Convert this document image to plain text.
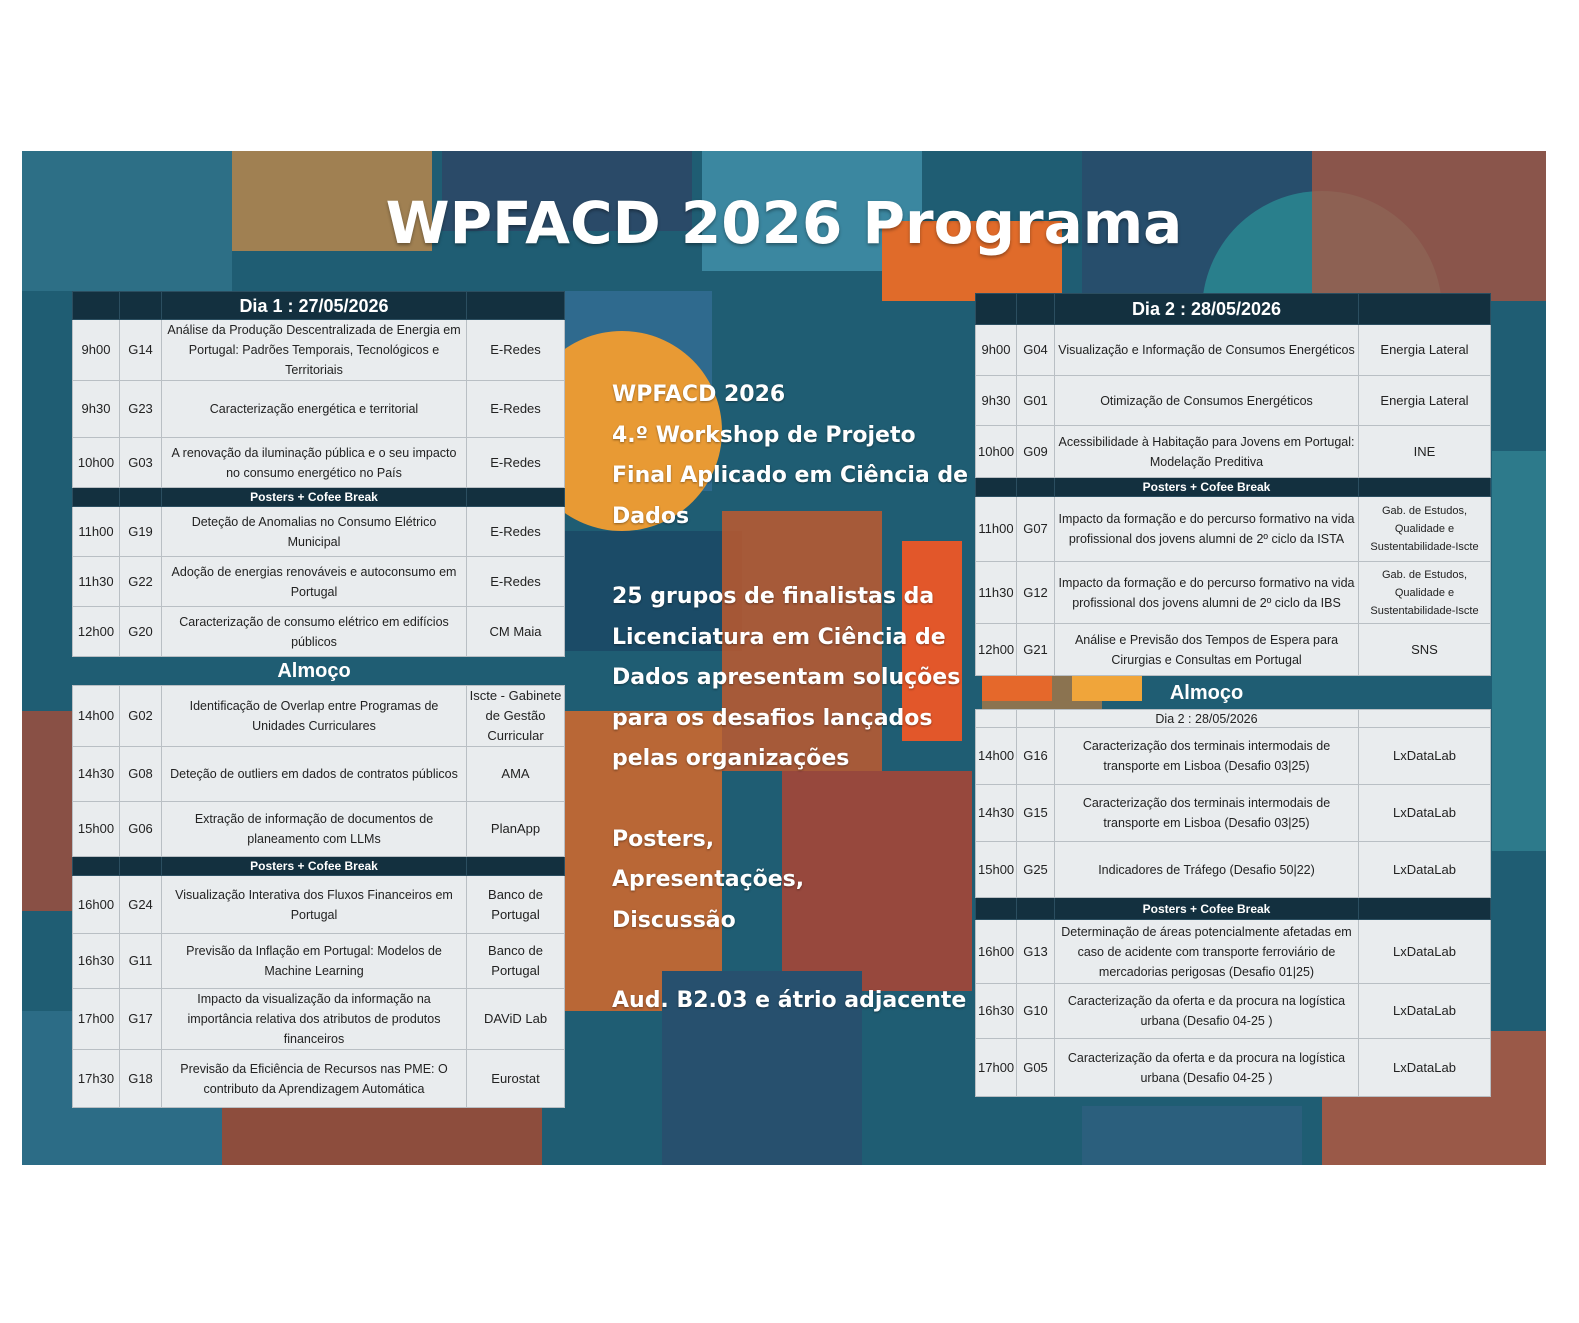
WPFACD 2026 Programa
WPFACD 2026
4.º Workshop de Projeto
Final Aplicado em Ciência de
Dados
25 grupos de finalistas da
Licenciatura em Ciência de
Dados apresentam soluções
para os desafios lançados
pelas organizações
Posters,
Apresentações,
Discussão
Aud. B2.03 e átrio adjacente
		Dia 1 : 27/05/2026	
9h00	G14	Análise da Produção Descentralizada de Energia em Portugal: Padrões Temporais, Tecnológicos e Territoriais	E-Redes
9h30	G23	Caracterização energética e territorial	E-Redes
10h00	G03	A renovação da iluminação pública e o seu impacto no consumo energético no País	E-Redes
		Posters + Cofee Break	
11h00	G19	Deteção de Anomalias no Consumo Elétrico Municipal	E-Redes
11h30	G22	Adoção de energias renováveis e autoconsumo em Portugal	E-Redes
12h00	G20	Caracterização de consumo elétrico em edifícios públicos	CM Maia
		Almoço	
14h00	G02	Identificação de Overlap entre Programas de Unidades Curriculares	Iscte - Gabinete de Gestão Curricular
14h30	G08	Deteção de outliers em dados de contratos públicos	AMA
15h00	G06	Extração de informação de documentos de planeamento com LLMs	PlanApp
		Posters + Cofee Break	
16h00	G24	Visualização Interativa dos Fluxos Financeiros em Portugal	Banco de Portugal
16h30	G11	Previsão da Inflação em Portugal: Modelos de Machine Learning	Banco de Portugal
17h00	G17	Impacto da visualização da informação na importância relativa dos atributos de produtos financeiros	DAViD Lab
17h30	G18	Previsão da Eficiência de Recursos nas PME: O contributo da Aprendizagem Automática	Eurostat
		Dia 2 : 28/05/2026	
9h00	G04	Visualização e Informação de Consumos Energéticos	Energia Lateral
9h30	G01	Otimização de Consumos Energéticos	Energia Lateral
10h00	G09	Acessibilidade à Habitação para Jovens em Portugal: Modelação Preditiva	INE
		Posters + Cofee Break	
11h00	G07	Impacto da formação e do percurso formativo na vida profissional dos jovens alumni de 2º ciclo da ISTA	Gab. de Estudos, Qualidade e Sustentabilidade-Iscte
11h30	G12	Impacto da formação e do percurso formativo na vida profissional dos jovens alumni de 2º ciclo da IBS	Gab. de Estudos, Qualidade e Sustentabilidade-Iscte
12h00	G21	Análise e Previsão dos Tempos de Espera para Cirurgias e Consultas em Portugal	SNS
		Almoço	
		Dia 2 : 28/05/2026	
14h00	G16	Caracterização dos terminais intermodais de transporte em Lisboa (Desafio 03|25)	LxDataLab
14h30	G15	Caracterização dos terminais intermodais de transporte em Lisboa (Desafio 03|25)	LxDataLab
15h00	G25	Indicadores de Tráfego (Desafio 50|22)	LxDataLab
		Posters + Cofee Break	
16h00	G13	Determinação de áreas potencialmente afetadas em caso de acidente com transporte ferroviário de mercadorias perigosas (Desafio 01|25)	LxDataLab
16h30	G10	Caracterização da oferta e da procura na logística urbana (Desafio 04-25 )	LxDataLab
17h00	G05	Caracterização da oferta e da procura na logística urbana (Desafio 04-25 )	LxDataLab
